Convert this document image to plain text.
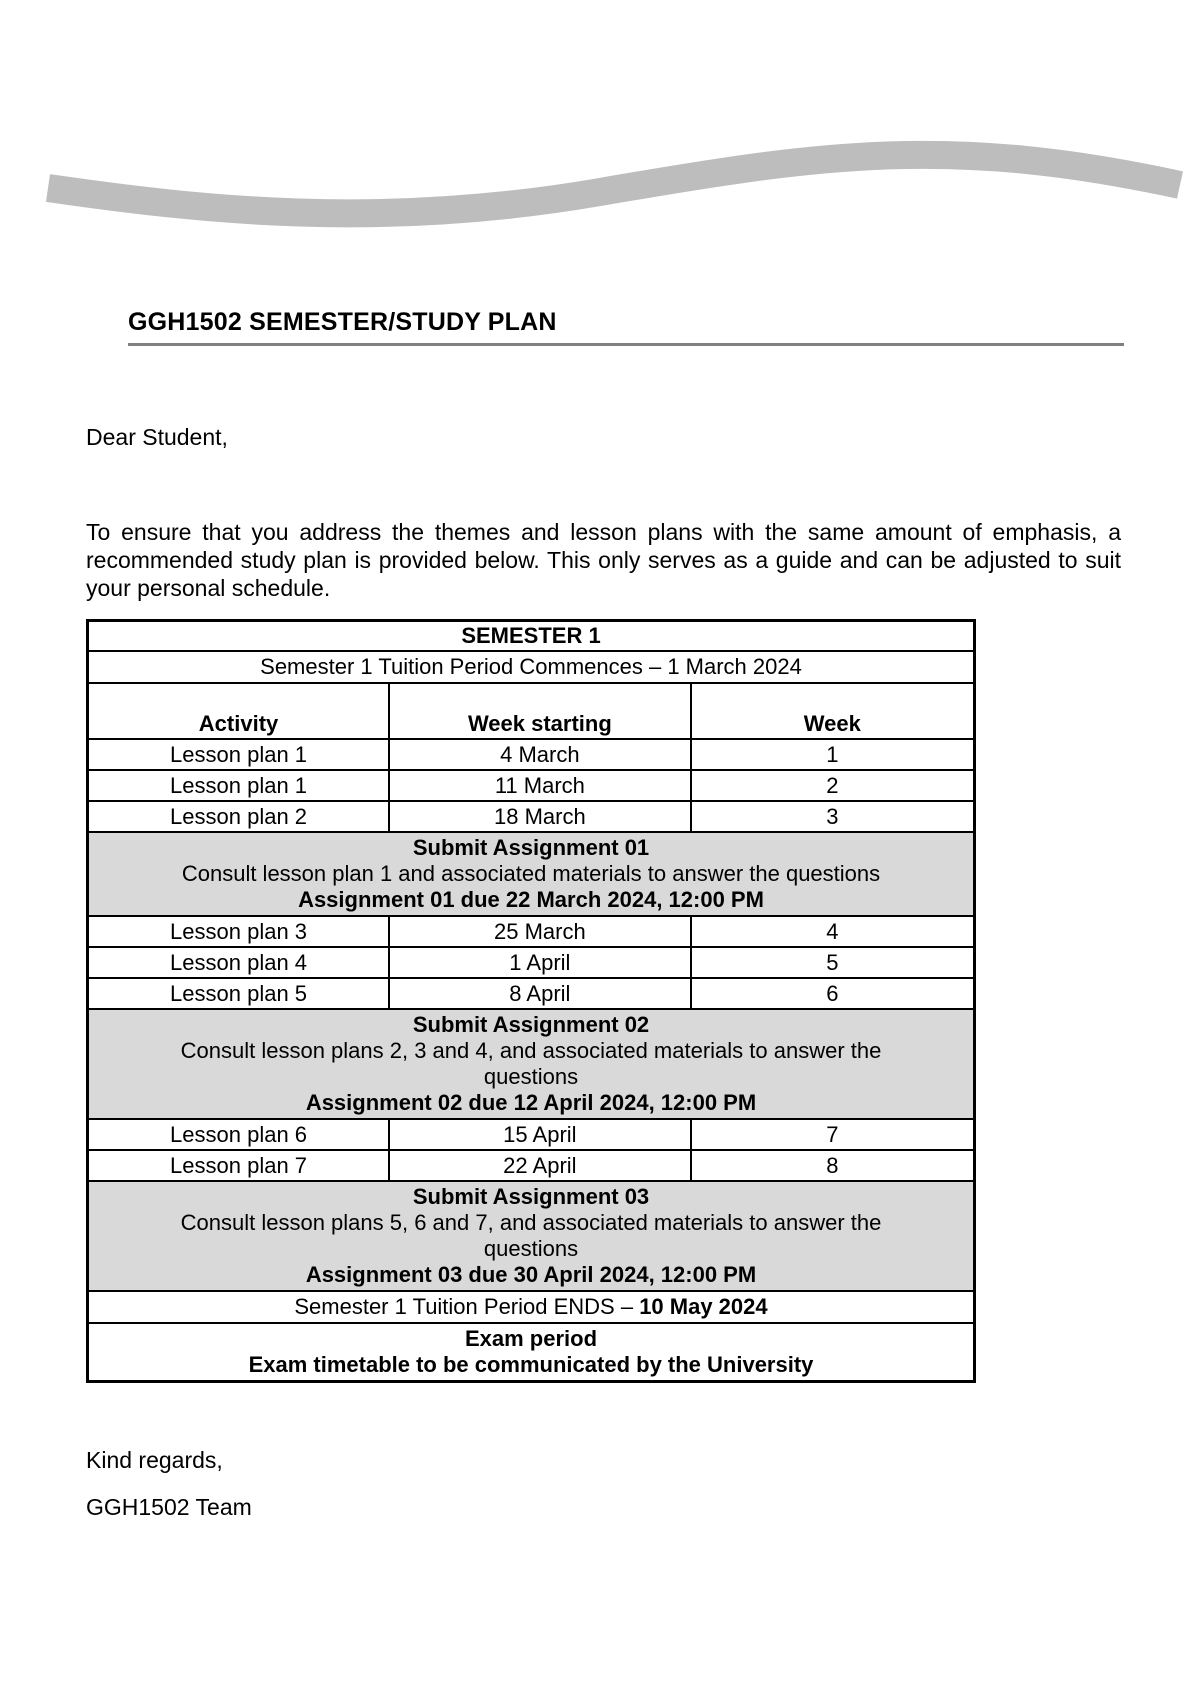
GGH1502 SEMESTER/STUDY PLAN
Dear Student,
To ensure that you address the themes and lesson plans with the same amount of emphasis, a recommended study plan is provided below. This only serves as a guide and can be adjusted to suit your personal schedule.
SEMESTER 1		
Semester 1 Tuition Period Commences – 1 March 2024		
Activity	Week starting	Week
Lesson plan 1	4 March	1
Lesson plan 1	11 March	2
Lesson plan 2	18 March	3

Submit Assignment 01
Consult lesson plan 1 and associated materials to answer the questions
Assignment 01 due 22 March 2024, 12:00 PM		

Lesson plan 3	25 March	4
Lesson plan 4	1 April	5
Lesson plan 5	8 April	6

Submit Assignment 02
Consult lesson plans 2, 3 and 4, and associated materials to answer the questions
Assignment 02 due 12 April 2024, 12:00 PM		

Lesson plan 6	15 April	7
Lesson plan 7	22 April	8

Submit Assignment 03
Consult lesson plans 5, 6 and 7, and associated materials to answer the questions
Assignment 03 due 30 April 2024, 12:00 PM		

Semester 1 Tuition Period ENDS – 10 May 2024		

Exam period
Exam timetable to be communicated by the University		
Kind regards,
GGH1502 Team
